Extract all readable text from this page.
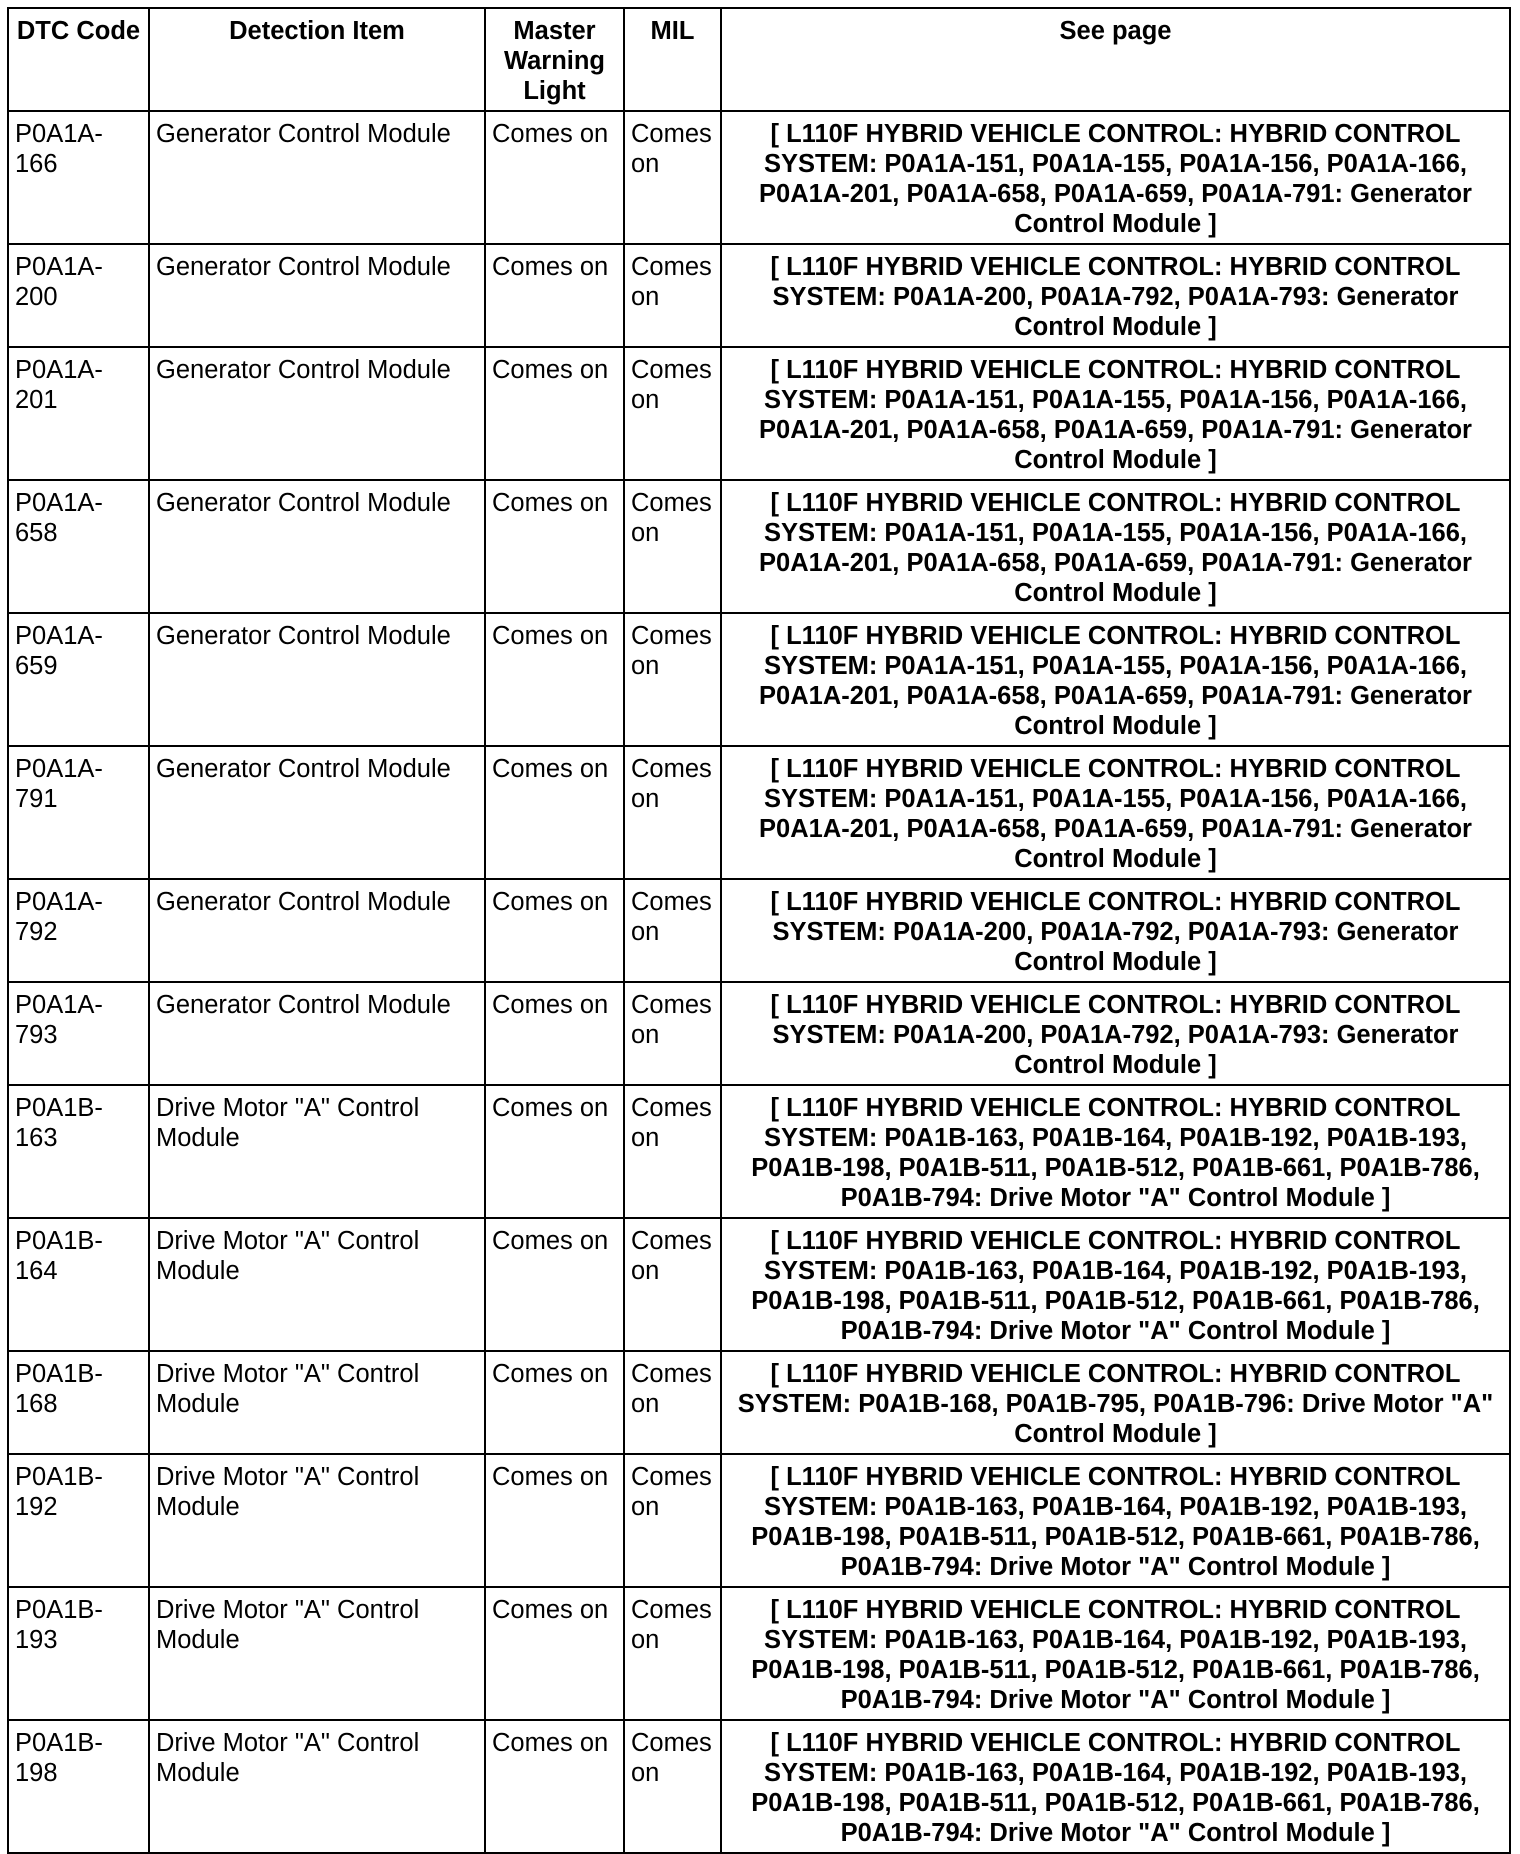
DTC Code	Detection Item	Master Warning Light	MIL	See page
P0A1A-166	Generator Control Module	Comes on	Comes on	[ L110F HYBRID VEHICLE CONTROL: HYBRID CONTROL SYSTEM: P0A1A-151, P0A1A-155, P0A1A-156, P0A1A-166, P0A1A-201, P0A1A-658, P0A1A-659, P0A1A-791: Generator Control Module ]
P0A1A-200	Generator Control Module	Comes on	Comes on	[ L110F HYBRID VEHICLE CONTROL: HYBRID CONTROL SYSTEM: P0A1A-200, P0A1A-792, P0A1A-793: Generator Control Module ]
P0A1A-201	Generator Control Module	Comes on	Comes on	[ L110F HYBRID VEHICLE CONTROL: HYBRID CONTROL SYSTEM: P0A1A-151, P0A1A-155, P0A1A-156, P0A1A-166, P0A1A-201, P0A1A-658, P0A1A-659, P0A1A-791: Generator Control Module ]
P0A1A-658	Generator Control Module	Comes on	Comes on	[ L110F HYBRID VEHICLE CONTROL: HYBRID CONTROL SYSTEM: P0A1A-151, P0A1A-155, P0A1A-156, P0A1A-166, P0A1A-201, P0A1A-658, P0A1A-659, P0A1A-791: Generator Control Module ]
P0A1A-659	Generator Control Module	Comes on	Comes on	[ L110F HYBRID VEHICLE CONTROL: HYBRID CONTROL SYSTEM: P0A1A-151, P0A1A-155, P0A1A-156, P0A1A-166, P0A1A-201, P0A1A-658, P0A1A-659, P0A1A-791: Generator Control Module ]
P0A1A-791	Generator Control Module	Comes on	Comes on	[ L110F HYBRID VEHICLE CONTROL: HYBRID CONTROL SYSTEM: P0A1A-151, P0A1A-155, P0A1A-156, P0A1A-166, P0A1A-201, P0A1A-658, P0A1A-659, P0A1A-791: Generator Control Module ]
P0A1A-792	Generator Control Module	Comes on	Comes on	[ L110F HYBRID VEHICLE CONTROL: HYBRID CONTROL SYSTEM: P0A1A-200, P0A1A-792, P0A1A-793: Generator Control Module ]
P0A1A-793	Generator Control Module	Comes on	Comes on	[ L110F HYBRID VEHICLE CONTROL: HYBRID CONTROL SYSTEM: P0A1A-200, P0A1A-792, P0A1A-793: Generator Control Module ]
P0A1B-163	Drive Motor "A" Control Module	Comes on	Comes on	[ L110F HYBRID VEHICLE CONTROL: HYBRID CONTROL SYSTEM: P0A1B-163, P0A1B-164, P0A1B-192, P0A1B-193, P0A1B-198, P0A1B-511, P0A1B-512, P0A1B-661, P0A1B-786, P0A1B-794: Drive Motor "A" Control Module ]
P0A1B-164	Drive Motor "A" Control Module	Comes on	Comes on	[ L110F HYBRID VEHICLE CONTROL: HYBRID CONTROL SYSTEM: P0A1B-163, P0A1B-164, P0A1B-192, P0A1B-193, P0A1B-198, P0A1B-511, P0A1B-512, P0A1B-661, P0A1B-786, P0A1B-794: Drive Motor "A" Control Module ]
P0A1B-168	Drive Motor "A" Control Module	Comes on	Comes on	[ L110F HYBRID VEHICLE CONTROL: HYBRID CONTROL SYSTEM: P0A1B-168, P0A1B-795, P0A1B-796: Drive Motor "A" Control Module ]
P0A1B-192	Drive Motor "A" Control Module	Comes on	Comes on	[ L110F HYBRID VEHICLE CONTROL: HYBRID CONTROL SYSTEM: P0A1B-163, P0A1B-164, P0A1B-192, P0A1B-193, P0A1B-198, P0A1B-511, P0A1B-512, P0A1B-661, P0A1B-786, P0A1B-794: Drive Motor "A" Control Module ]
P0A1B-193	Drive Motor "A" Control Module	Comes on	Comes on	[ L110F HYBRID VEHICLE CONTROL: HYBRID CONTROL SYSTEM: P0A1B-163, P0A1B-164, P0A1B-192, P0A1B-193, P0A1B-198, P0A1B-511, P0A1B-512, P0A1B-661, P0A1B-786, P0A1B-794: Drive Motor "A" Control Module ]
P0A1B-198	Drive Motor "A" Control Module	Comes on	Comes on	[ L110F HYBRID VEHICLE CONTROL: HYBRID CONTROL SYSTEM: P0A1B-163, P0A1B-164, P0A1B-192, P0A1B-193, P0A1B-198, P0A1B-511, P0A1B-512, P0A1B-661, P0A1B-786, P0A1B-794: Drive Motor "A" Control Module ]
